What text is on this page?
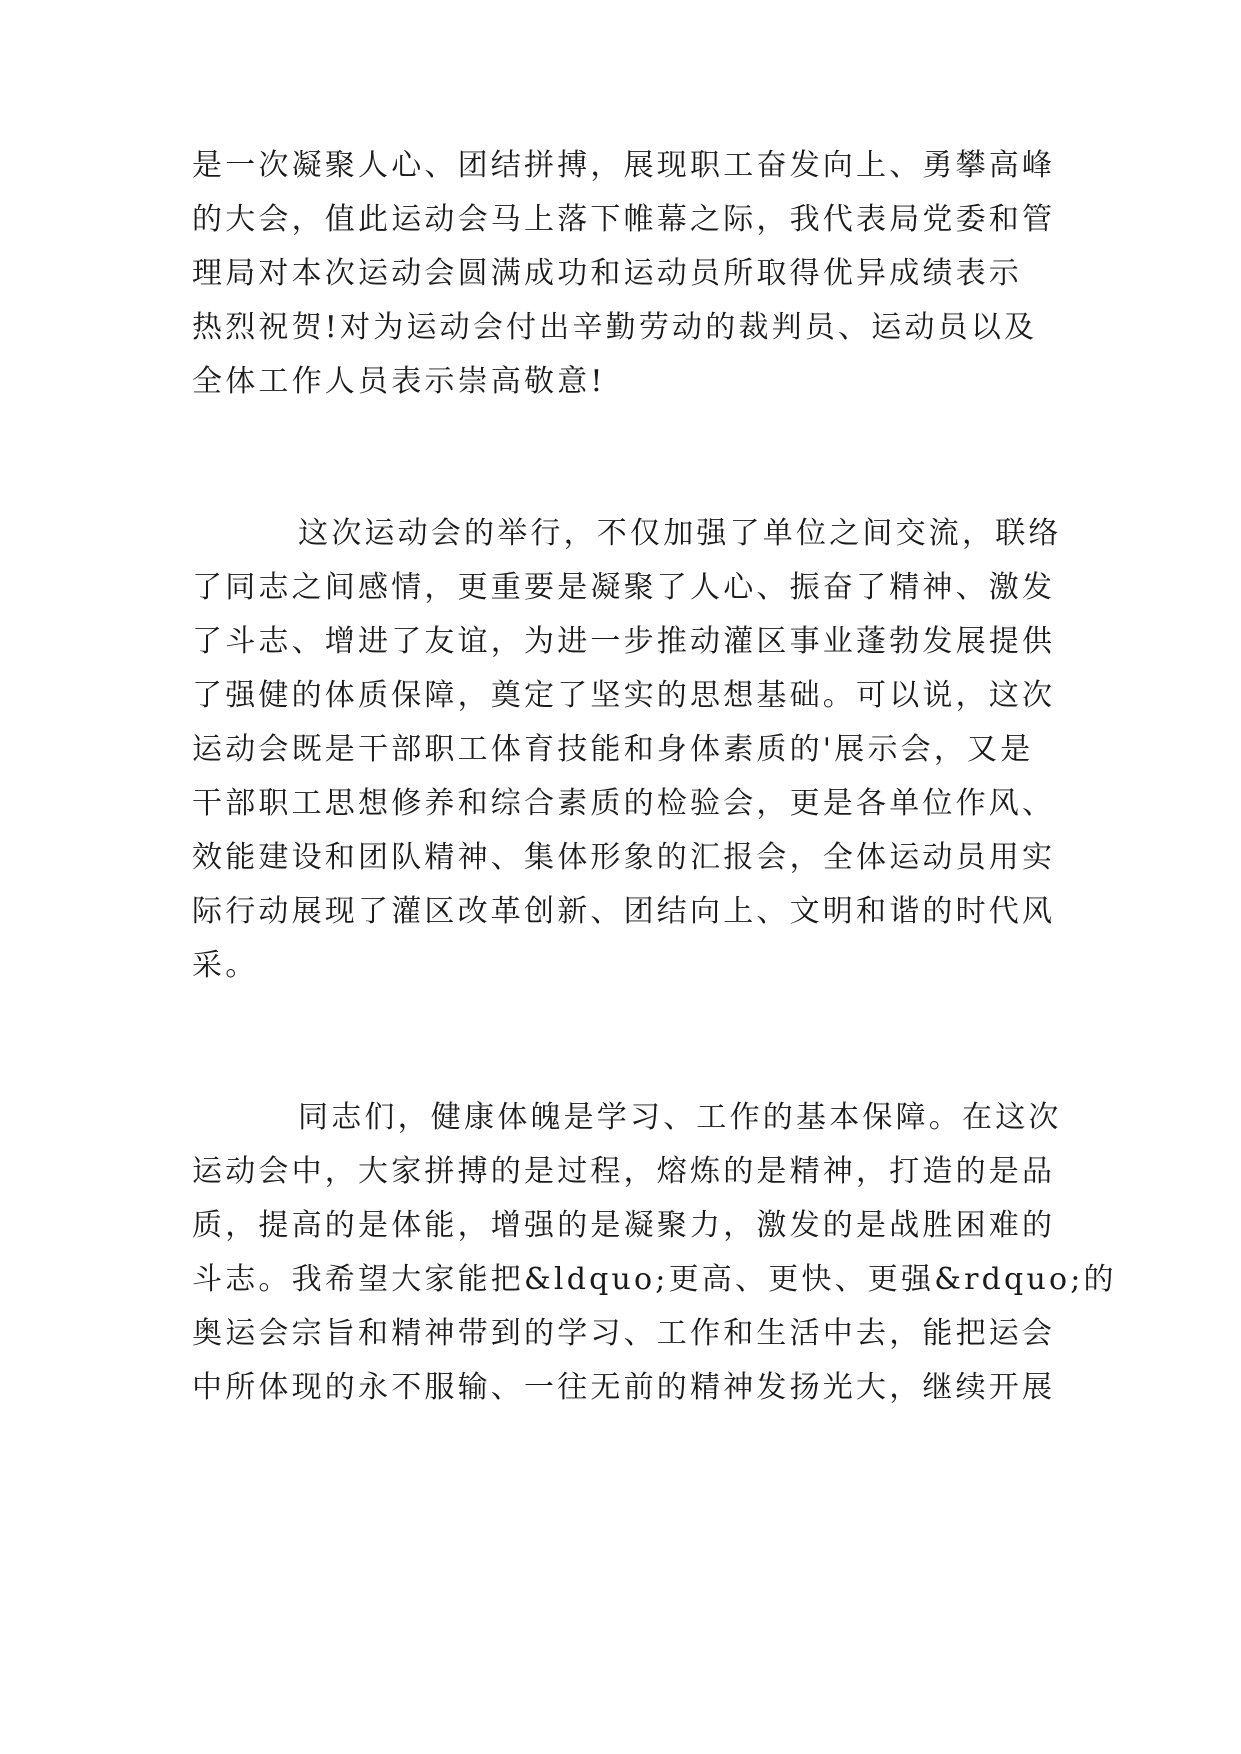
是一次凝聚人心、团结拼搏，展现职工奋发向上、勇攀高峰
的大会，值此运动会马上落下帷幕之际，我代表局党委和管
理局对本次运动会圆满成功和运动员所取得优异成绩表示
热烈祝贺!对为运动会付出辛勤劳动的裁判员、运动员以及
全体工作人员表示崇高敬意!
这次运动会的举行，不仅加强了单位之间交流，联络
了同志之间感情，更重要是凝聚了人心、振奋了精神、激发
了斗志、增进了友谊，为进一步推动灌区事业蓬勃发展提供
了强健的体质保障，奠定了坚实的思想基础。可以说，这次
运动会既是干部职工体育技能和身体素质的'展示会，又是
干部职工思想修养和综合素质的检验会，更是各单位作风、
效能建设和团队精神、集体形象的汇报会，全体运动员用实
际行动展现了灌区改革创新、团结向上、文明和谐的时代风
采。
同志们，健康体魄是学习、工作的基本保障。在这次
运动会中，大家拼搏的是过程，熔炼的是精神，打造的是品
质，提高的是体能，增强的是凝聚力，激发的是战胜困难的
斗志。我希望大家能把&ldquo;更高、更快、更强&rdquo;的
奥运会宗旨和精神带到的学习、工作和生活中去，能把运会
中所体现的永不服输、一往无前的精神发扬光大，继续开展
